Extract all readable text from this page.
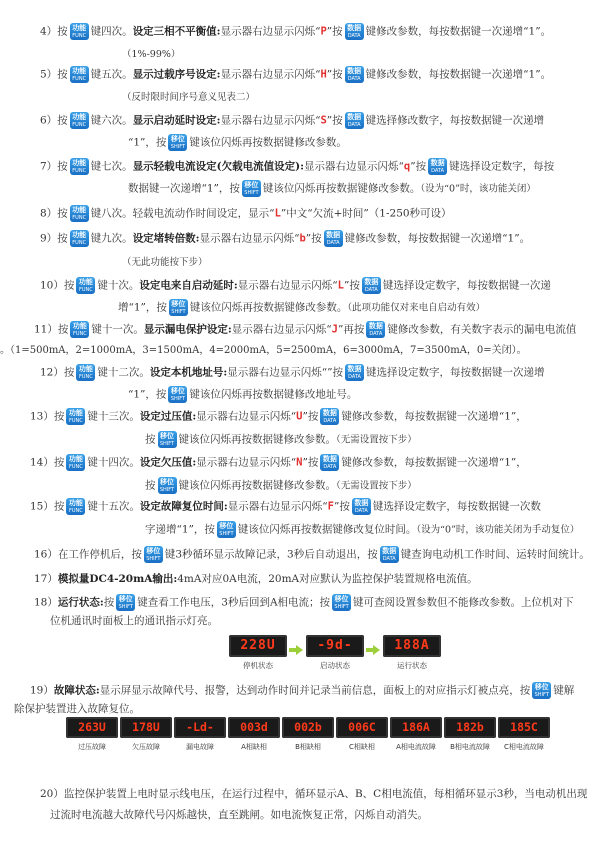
4）按 功能
FUNC 键四次。设定三相不平衡值:显示器右边显示闪烁“P”按 数据
DATA 键修改参数，每按数据键一次递增“1”。
（1%-99%）
5）按 功能
FUNC 键五次。显示过载序号设定:显示器右边显示闪烁“H”按 数据
DATA 键修改参数，每按数据键一次递增“1”。
（反时限时间序号意义见表二）
6）按 功能
FUNC 键六次。显示启动延时设定:显示器右边显示闪烁“S”按 数据
DATA 键选择修改数字，每按数据键一次递增
“1”，按 移位
SHIFT 键该位闪烁再按数据键修改参数。
7）按 功能
FUNC 键七次。显示轻载电流设定(欠载电流值设定):显示器右边显示闪烁“q”按 数据
DATA 键选择设定数字，每按
数据键一次递增“1”，按 移位
SHIFT 键该位闪烁再按数据键修改参数。（设为“0”时，该功能关闭）
8）按 功能
FUNC 键八次。轻载电流动作时间设定，显示“L”中文“欠流+时间”（1-250秒可设）
9）按 功能
FUNC 键九次。设定堵转倍数:显示器右边显示闪烁“b”按 数据
DATA 键修改参数，每按数据键一次递增“1”。
（无此功能按下步）
10）按 功能
FUNC 键十次。设定电来自启动延时:显示器右边显示闪烁“L”按 数据
DATA 键选择设定数字，每按数据键一次递
增“1”，按 移位
SHIFT 键该位闪烁再按数据键修改参数。（此项功能仅对来电自启动有效）
11）按 功能
FUNC 键十一次。显示漏电保护设定:显示器右边显示闪烁“J”再按 数据
DATA 键修改参数，有关数字表示的漏电电流值
。（1=500mA，2=1000mA，3=1500mA，4=2000mA，5=2500mA，6=3000mA，7=3500mA，0=关闭）。
12）按 功能
FUNC 键十二次。设定本机地址号:显示器右边显示闪烁“”按 数据
DATA 键选择设定数字，每按数据键一次递增
“1”，按 移位
SHIFT 键该位闪烁再按数据键修改地址号。
13）按 功能
FUNC 键十三次。设定过压值:显示器右边显示闪烁“U”按 数据
DATA 键修改参数，每按数据键一次递增“1”，
按 移位
SHIFT 键该位闪烁再按数据键修改参数。（无需设置按下步）
14）按 功能
FUNC 键十四次。设定欠压值:显示器右边显示闪烁“N”按 数据
DATA 键修改参数，每按数据键一次递增“1”，
按 移位
SHIFT 键该位闪烁再按数据键修改参数。（无需设置按下步）
15）按 功能
FUNC 键十五次。设定故障复位时间:显示器右边显示闪烁“F”按 数据
DATA 键选择设定数字，每按数据键一次数
字递增“1”，按 移位
SHIFT 键该位闪烁再按数据键修改复位时间。（设为“0”时，该功能关闭为手动复位）
16）在工作停机后，按 移位
SHIFT 键3秒循环显示故障记录，3秒后自动退出，按 数据
DATA 键查询电动机工作时间、运转时间统计。
17）模拟量DC4-20mA输出:4mA对应0A电流，20mA对应默认为监控保护装置规格电流值。
18）运行状态:按 移位
SHIFT 键查看工作电压，3秒后回到A相电流；按 移位
SHIFT 键可查阅设置参数但不能修改参数。上位机对下
位机通讯时面板上的通讯指示灯亮。
228U
停机状态
-9d-
启动状态
188A
运行状态
19）故障状态:显示屏显示故障代号、报警，达到动作时间并记录当前信息，面板上的对应指示灯被点亮，按 移位
SHIFT 键解
除保护装置进入故障复位。
263U
过压故障
178U
欠压故障
-Ld-
漏电故障
003d
A相缺相
002b
B相缺相
006C
C相缺相
186A
A相电流故障
182b
B相电流故障
185C
C相电流故障
20）监控保护装置上电时显示线电压，在运行过程中，循环显示A、B、C相电流值，每相循环显示3秒，当电动机出现
过流时电流越大故障代号闪烁越快，直至跳闸。如电流恢复正常，闪烁自动消失。
